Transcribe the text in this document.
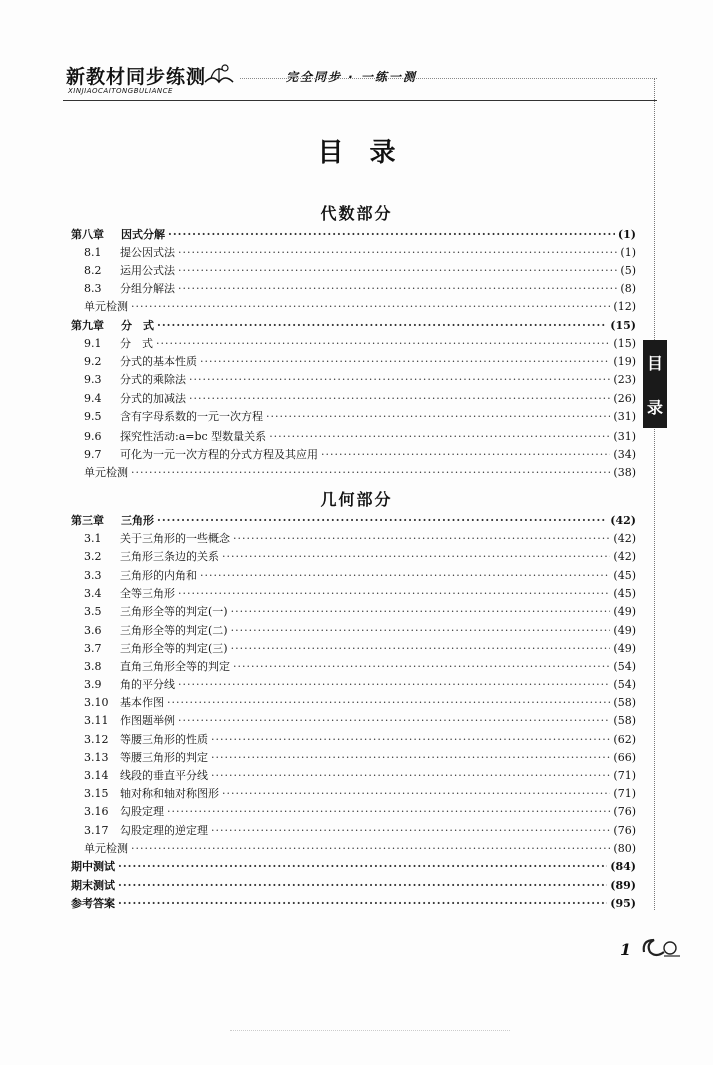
新教材同步练测
XINJIAOCAITONGBULIANCE
完全同步 · 一练一测
目
录
目录
代数部分
第八章	因式分解 ·····	(1)
8.1	提公因式法 ·····	(1)
8.2	运用公式法 ·····	(5)
8.3	分组分解法 ·····	(8)
单元检测 ·····	(12)
第九章	分　式 ·····	(15)
9.1	分　式 ·····	(15)
9.2	分式的基本性质 ·····	(19)
9.3	分式的乘除法 ·····	(23)
9.4	分式的加减法 ·····	(26)
9.5	含有字母系数的一元一次方程 ·····	(31)
9.6	探究性活动:a=bc 型数量关系 ·····	(31)
9.7	可化为一元一次方程的分式方程及其应用 ·····	(34)
单元检测 ·····	(38)
几何部分
第三章	三角形 ·····	(42)
3.1	关于三角形的一些概念 ·····	(42)
3.2	三角形三条边的关系 ·····	(42)
3.3	三角形的内角和 ·····	(45)
3.4	全等三角形 ·····	(45)
3.5	三角形全等的判定(一) ·····	(49)
3.6	三角形全等的判定(二) ·····	(49)
3.7	三角形全等的判定(三) ·····	(49)
3.8	直角三角形全等的判定 ·····	(54)
3.9	角的平分线 ·····	(54)
3.10	基本作图 ·····	(58)
3.11	作图题举例 ·····	(58)
3.12	等腰三角形的性质 ·····	(62)
3.13	等腰三角形的判定 ·····	(66)
3.14	线段的垂直平分线 ·····	(71)
3.15	轴对称和轴对称图形 ·····	(71)
3.16	勾股定理 ·····	(76)
3.17	勾股定理的逆定理 ·····	(76)
单元检测 ·····	(80)
期中测试 ·····	(84)
期末测试 ·····	(89)
参考答案 ·····	(95)
1
